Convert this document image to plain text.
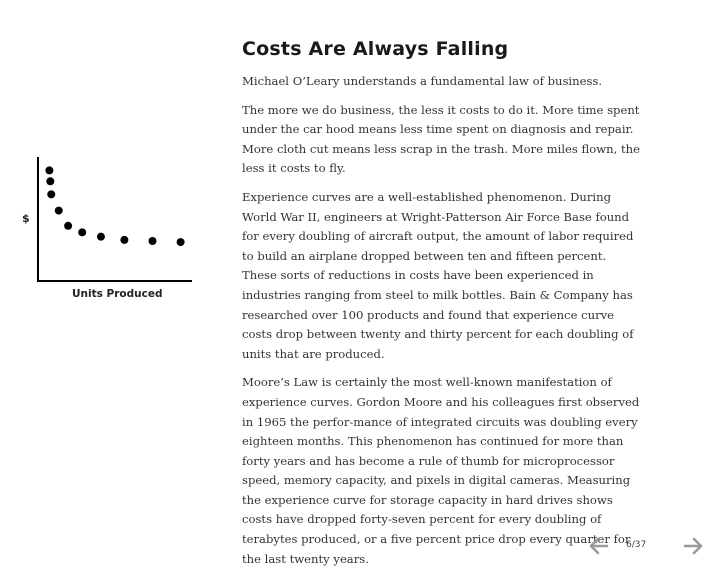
$
Units Produced
Costs Are Always Falling

Michael O’Leary understands a fundamental law of business.

The more we do business, the less it costs to do it. More time spent under the car hood means less time spent on diagnosis and repair. More cloth cut means less scrap in the trash. More miles flown, the less it costs to fly.

Experience curves are a well-established phenomenon. During World War II, engineers at Wright-Patterson Air Force Base found for every doubling of aircraft output, the amount of labor required to build an airplane dropped between ten and fifteen percent. These sorts of reductions in costs have been experienced in industries ranging from steel to milk bottles. Bain & Company has researched over 100 products and found that experience curve costs drop between twenty and thirty percent for each doubling of units that are produced.

Moore’s Law is certainly the most well-known manifestation of experience curves. Gordon Moore and his colleagues first observed in 1965 the perfor-mance of integrated circuits was doubling every eighteen months. This phenomenon has continued for more than forty years and has become a rule of thumb for microprocessor speed, memory capacity, and pixels in digital cameras. Measuring the experience curve for storage capacity in hard drives shows costs have dropped forty-seven percent for every doubling of terabytes produced, or a five percent price drop every quarter for the last twenty years.

6/37
